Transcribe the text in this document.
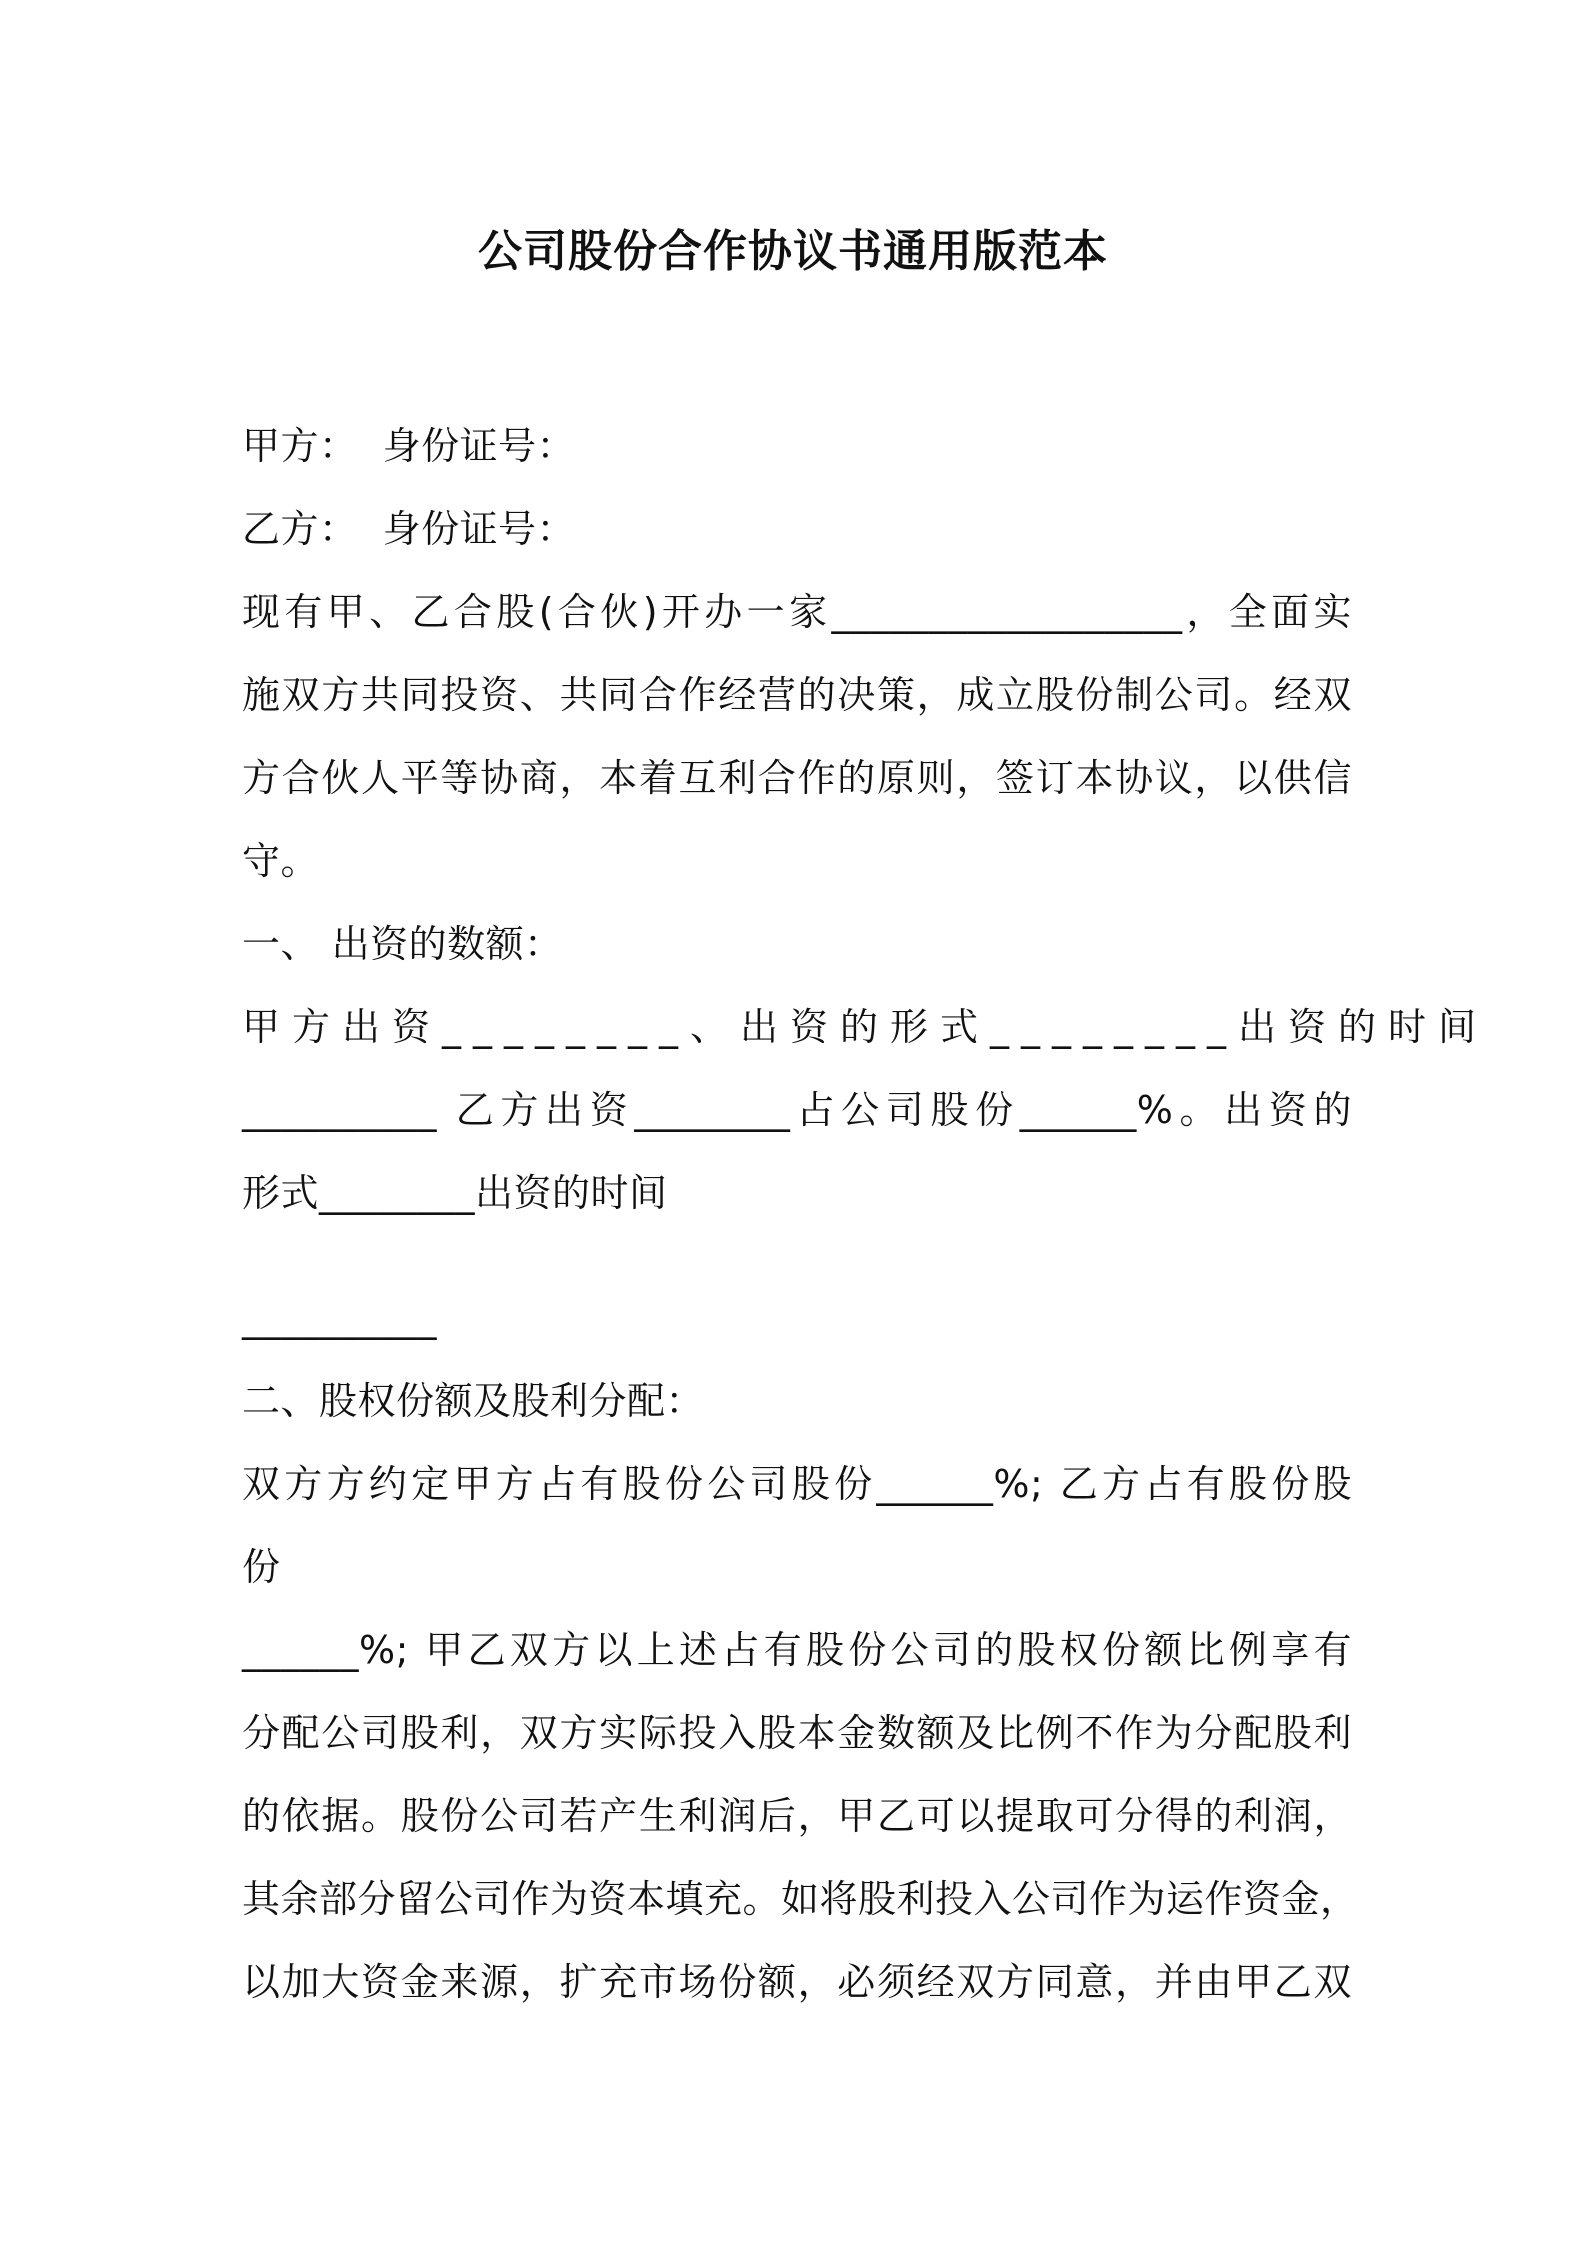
公司股份合作协议书通用版范本
甲方：  身份证号：
乙方：  身份证号：
现有甲、乙合股(合伙)开办一家__________________，全面实
施双方共同投资、共同合作经营的决策，成立股份制公司。经双
方合伙人平等协商，本着互利合作的原则，签订本协议，以供信
守。
一、 出资的数额：
甲方出资________、出资的形式________出资的时间
__________ 乙方出资________占公司股份______%。出资的
形式________出资的时间
__________
二、股权份额及股利分配：
双方方约定甲方占有股份公司股份______%; 乙方占有股份股
份
______%; 甲乙双方以上述占有股份公司的股权份额比例享有
分配公司股利，双方实际投入股本金数额及比例不作为分配股利
的依据。股份公司若产生利润后，甲乙可以提取可分得的利润，
其余部分留公司作为资本填充。如将股利投入公司作为运作资金，
以加大资金来源，扩充市场份额，必须经双方同意，并由甲乙双
